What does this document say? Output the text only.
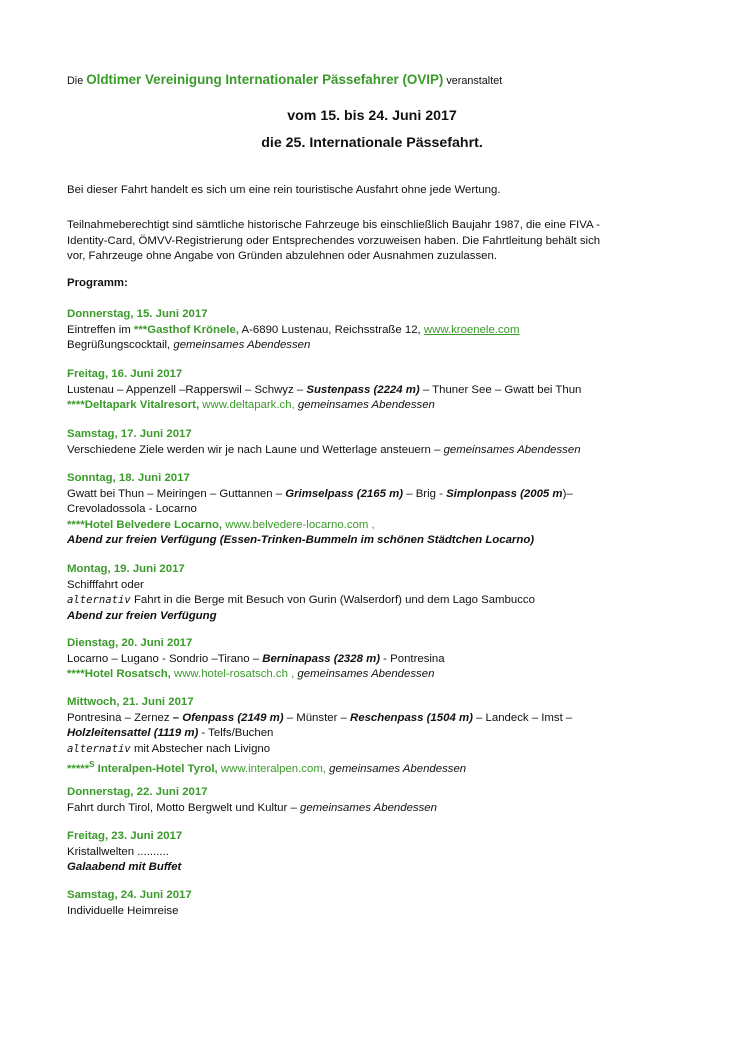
Die Oldtimer Vereinigung Internationaler Pässefahrer (OVIP) veranstaltet
vom 15. bis 24. Juni 2017
die 25. Internationale Pässefahrt.
Bei dieser Fahrt handelt es sich um eine rein touristische Ausfahrt ohne jede Wertung.
Teilnahmeberechtigt sind sämtliche historische Fahrzeuge bis einschließlich Baujahr 1987, die eine FIVA -
Identity-Card, ÖMVV-Registrierung oder Entsprechendes vorzuweisen haben. Die Fahrtleitung behält sich
vor, Fahrzeuge ohne Angabe von Gründen abzulehnen oder Ausnahmen zuzulassen.
Programm:
Donnerstag, 15. Juni 2017
Eintreffen im ***Gasthof Krönele, A-6890 Lustenau, Reichsstraße 12, www.kroenele.com
Begrüßungscocktail, gemeinsames Abendessen
Freitag, 16. Juni 2017
Lustenau – Appenzell –Rapperswil – Schwyz – Sustenpass (2224 m) – Thuner See – Gwatt bei Thun
****Deltapark Vitalresort, www.deltapark.ch, gemeinsames Abendessen
Samstag, 17. Juni 2017
Verschiedene Ziele werden wir je nach Laune und Wetterlage ansteuern – gemeinsames Abendessen
Sonntag, 18. Juni 2017
Gwatt bei Thun – Meiringen – Guttannen – Grimselpass (2165 m) – Brig - Simplonpass (2005 m)–
Crevoladossola - Locarno
****Hotel Belvedere Locarno, www.belvedere-locarno.com ,
Abend zur freien Verfügung (Essen-Trinken-Bummeln im schönen Städtchen Locarno)
Montag, 19. Juni 2017
Schifffahrt oder
alternativ Fahrt in die Berge mit Besuch von Gurin (Walserdorf) und dem Lago Sambucco
Abend zur freien Verfügung
Dienstag, 20. Juni 2017
Locarno – Lugano - Sondrio –Tirano – Berninapass (2328 m) - Pontresina
****Hotel Rosatsch, www.hotel-rosatsch.ch , gemeinsames Abendessen
Mittwoch, 21. Juni 2017
Pontresina – Zernez – Ofenpass (2149 m) – Münster – Reschenpass (1504 m) – Landeck – Imst –
Holzleitensattel (1119 m) - Telfs/Buchen
alternativ mit Abstecher nach Livigno
*****$^S$ Interalpen-Hotel Tyrol, www.interalpen.com, gemeinsames Abendessen
Donnerstag, 22. Juni 2017
Fahrt durch Tirol, Motto Bergwelt und Kultur – gemeinsames Abendessen
Freitag, 23. Juni 2017
Kristallwelten ..........
Galaabend mit Buffet
Samstag, 24. Juni 2017
Individuelle Heimreise
